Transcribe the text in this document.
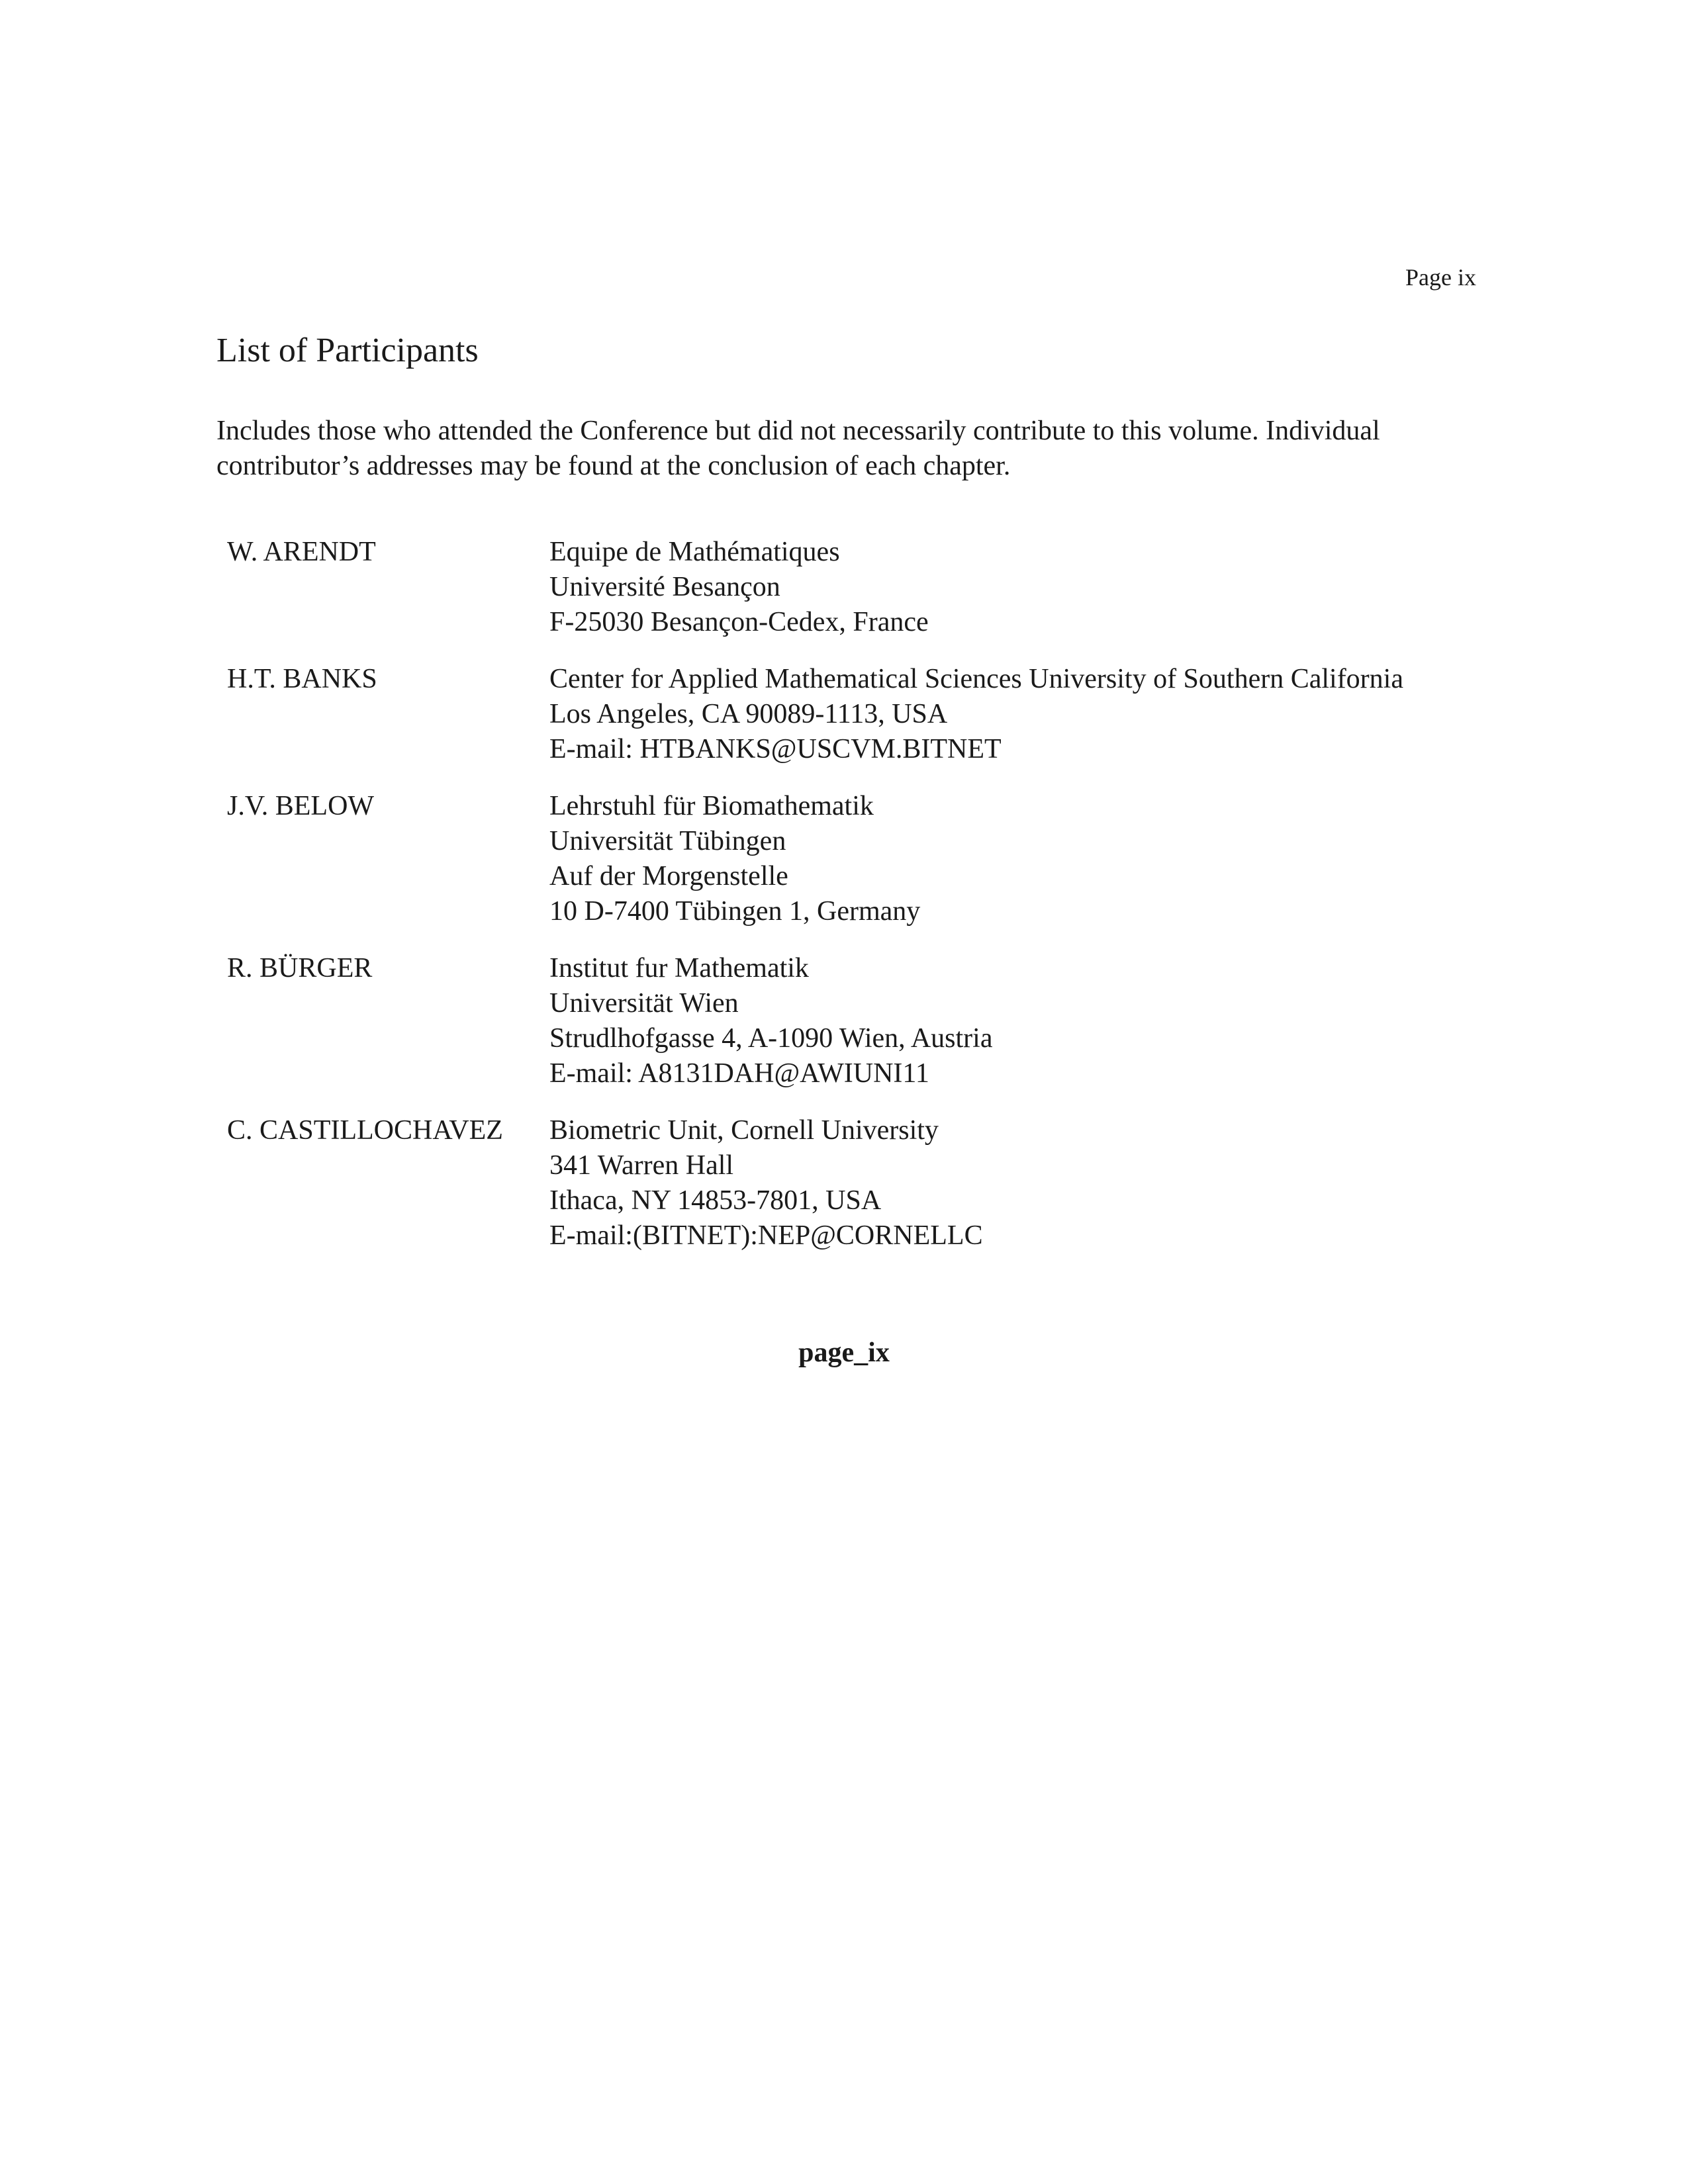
Page ix
List of Participants

Includes those who attended the Conference but did not necessarily contribute to this volume. Individual contributor’s addresses may be found at the conclusion of each chapter.

W. ARENDT	Equipe de Mathématiques
Université Besançon
F-25030 Besançon-Cedex, France
H.T. BANKS	Center for Applied Mathematical Sciences University of Southern California
Los Angeles, CA 90089-1113, USA
E-mail: HTBANKS@USCVM.BITNET
J.V. BELOW	Lehrstuhl für Biomathematik
Universität Tübingen
Auf der Morgenstelle
10 D-7400 Tübingen 1, Germany
R. BÜRGER	Institut fur Mathematik
Universität Wien
Strudlhofgasse 4, A-1090 Wien, Austria
E-mail: A8131DAH@AWIUNI11
C. CASTILLOCHAVEZ	Biometric Unit, Cornell University
341 Warren Hall
Ithaca, NY 14853-7801, USA
E-mail:(BITNET):NEP@CORNELLC
page_ix
